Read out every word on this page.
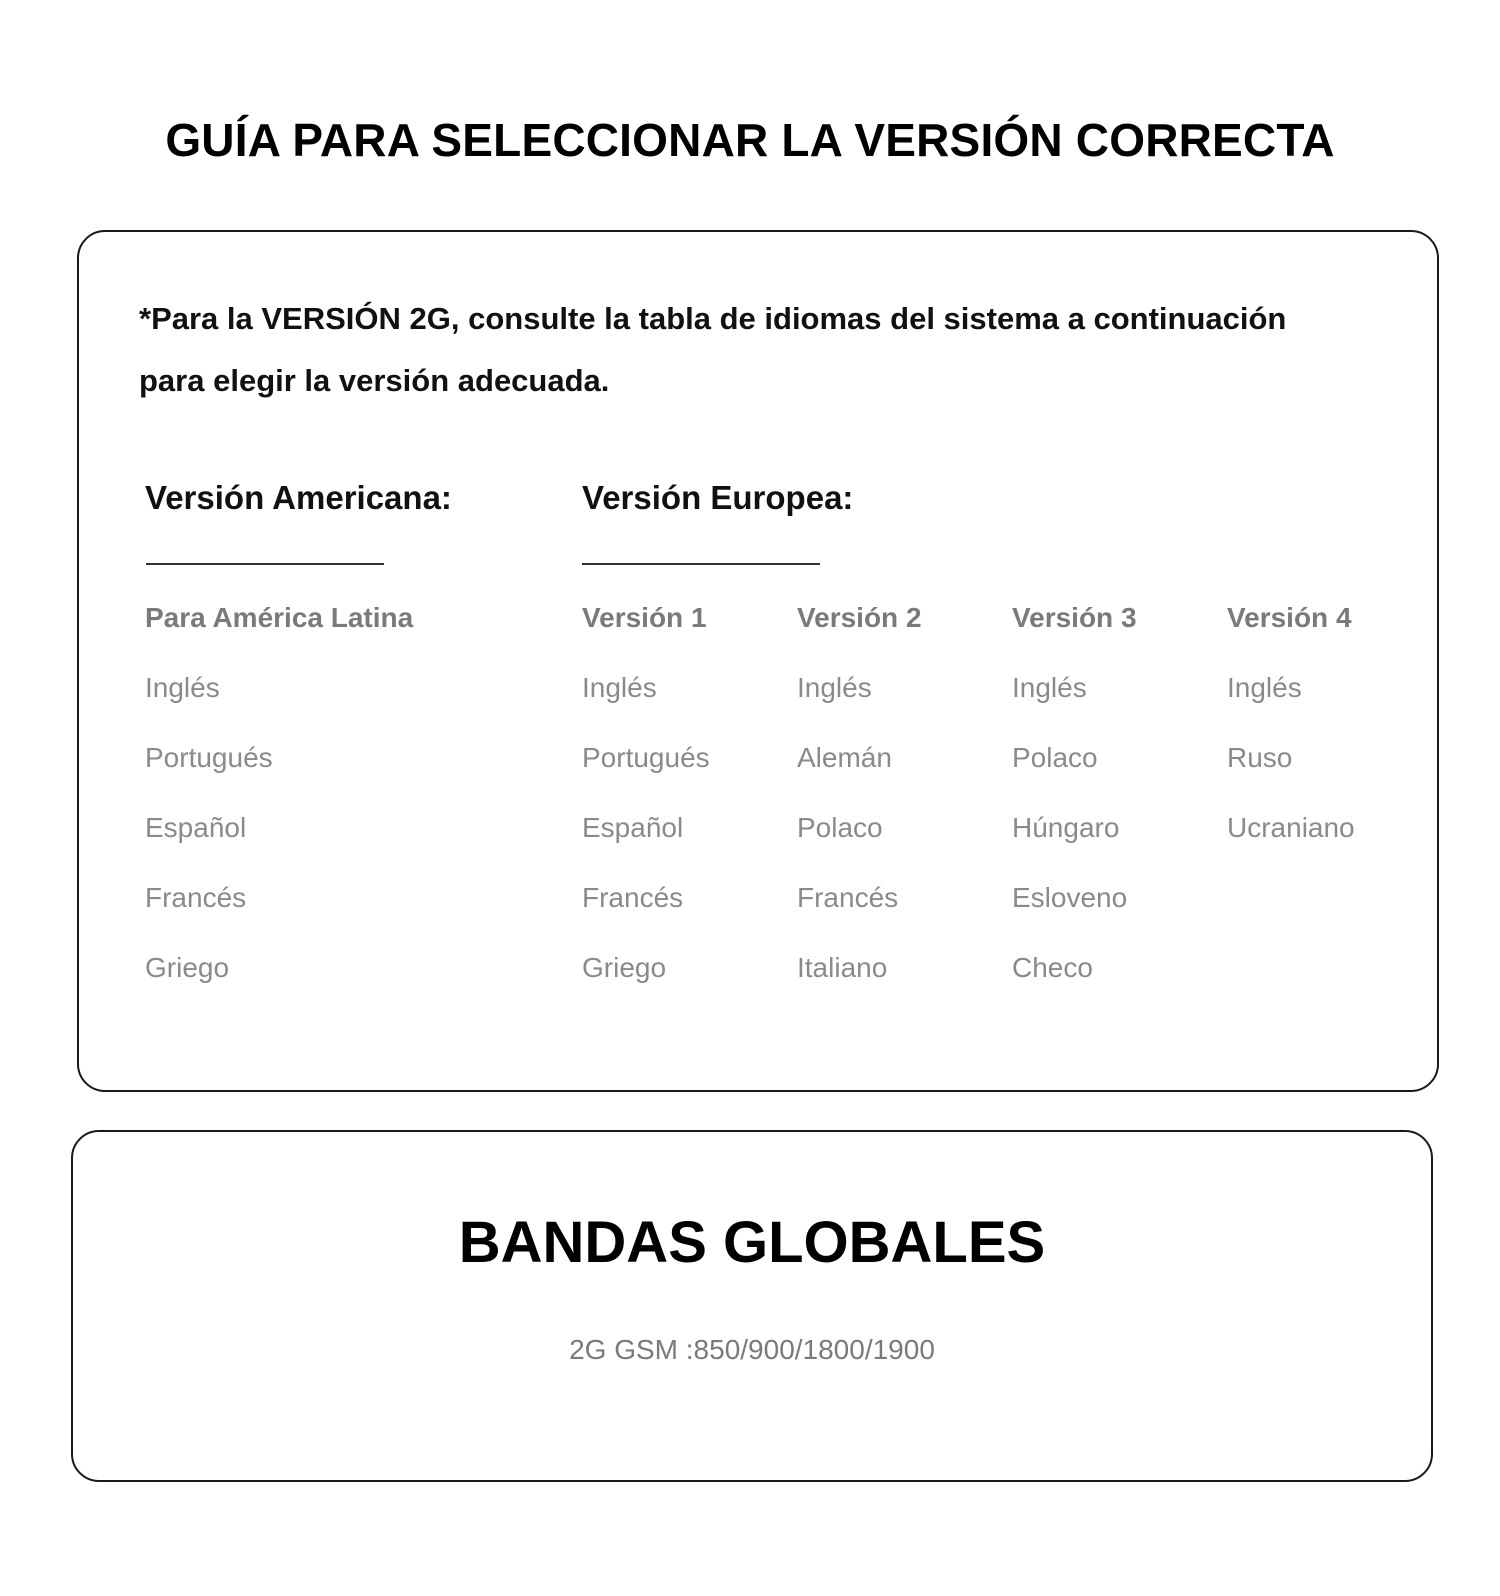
GUÍA PARA SELECCIONAR LA VERSIÓN CORRECTA

*Para la VERSIÓN 2G, consulte la tabla de idiomas del sistema a continuación
para elegir la versión adecuada.

Versión Americana:	Versión Europea:
Para América Latina
Inglés
Portugués
Español
Francés
Griego
Versión 1
Inglés
Portugués
Español
Francés
Griego
Versión 2
Inglés
Alemán
Polaco
Francés
Italiano
Versión 3
Inglés
Polaco
Húngaro
Esloveno
Checo
Versión 4
Inglés
Ruso
Ucraniano
BANDAS GLOBALES

2G GSM :850/900/1800/1900
